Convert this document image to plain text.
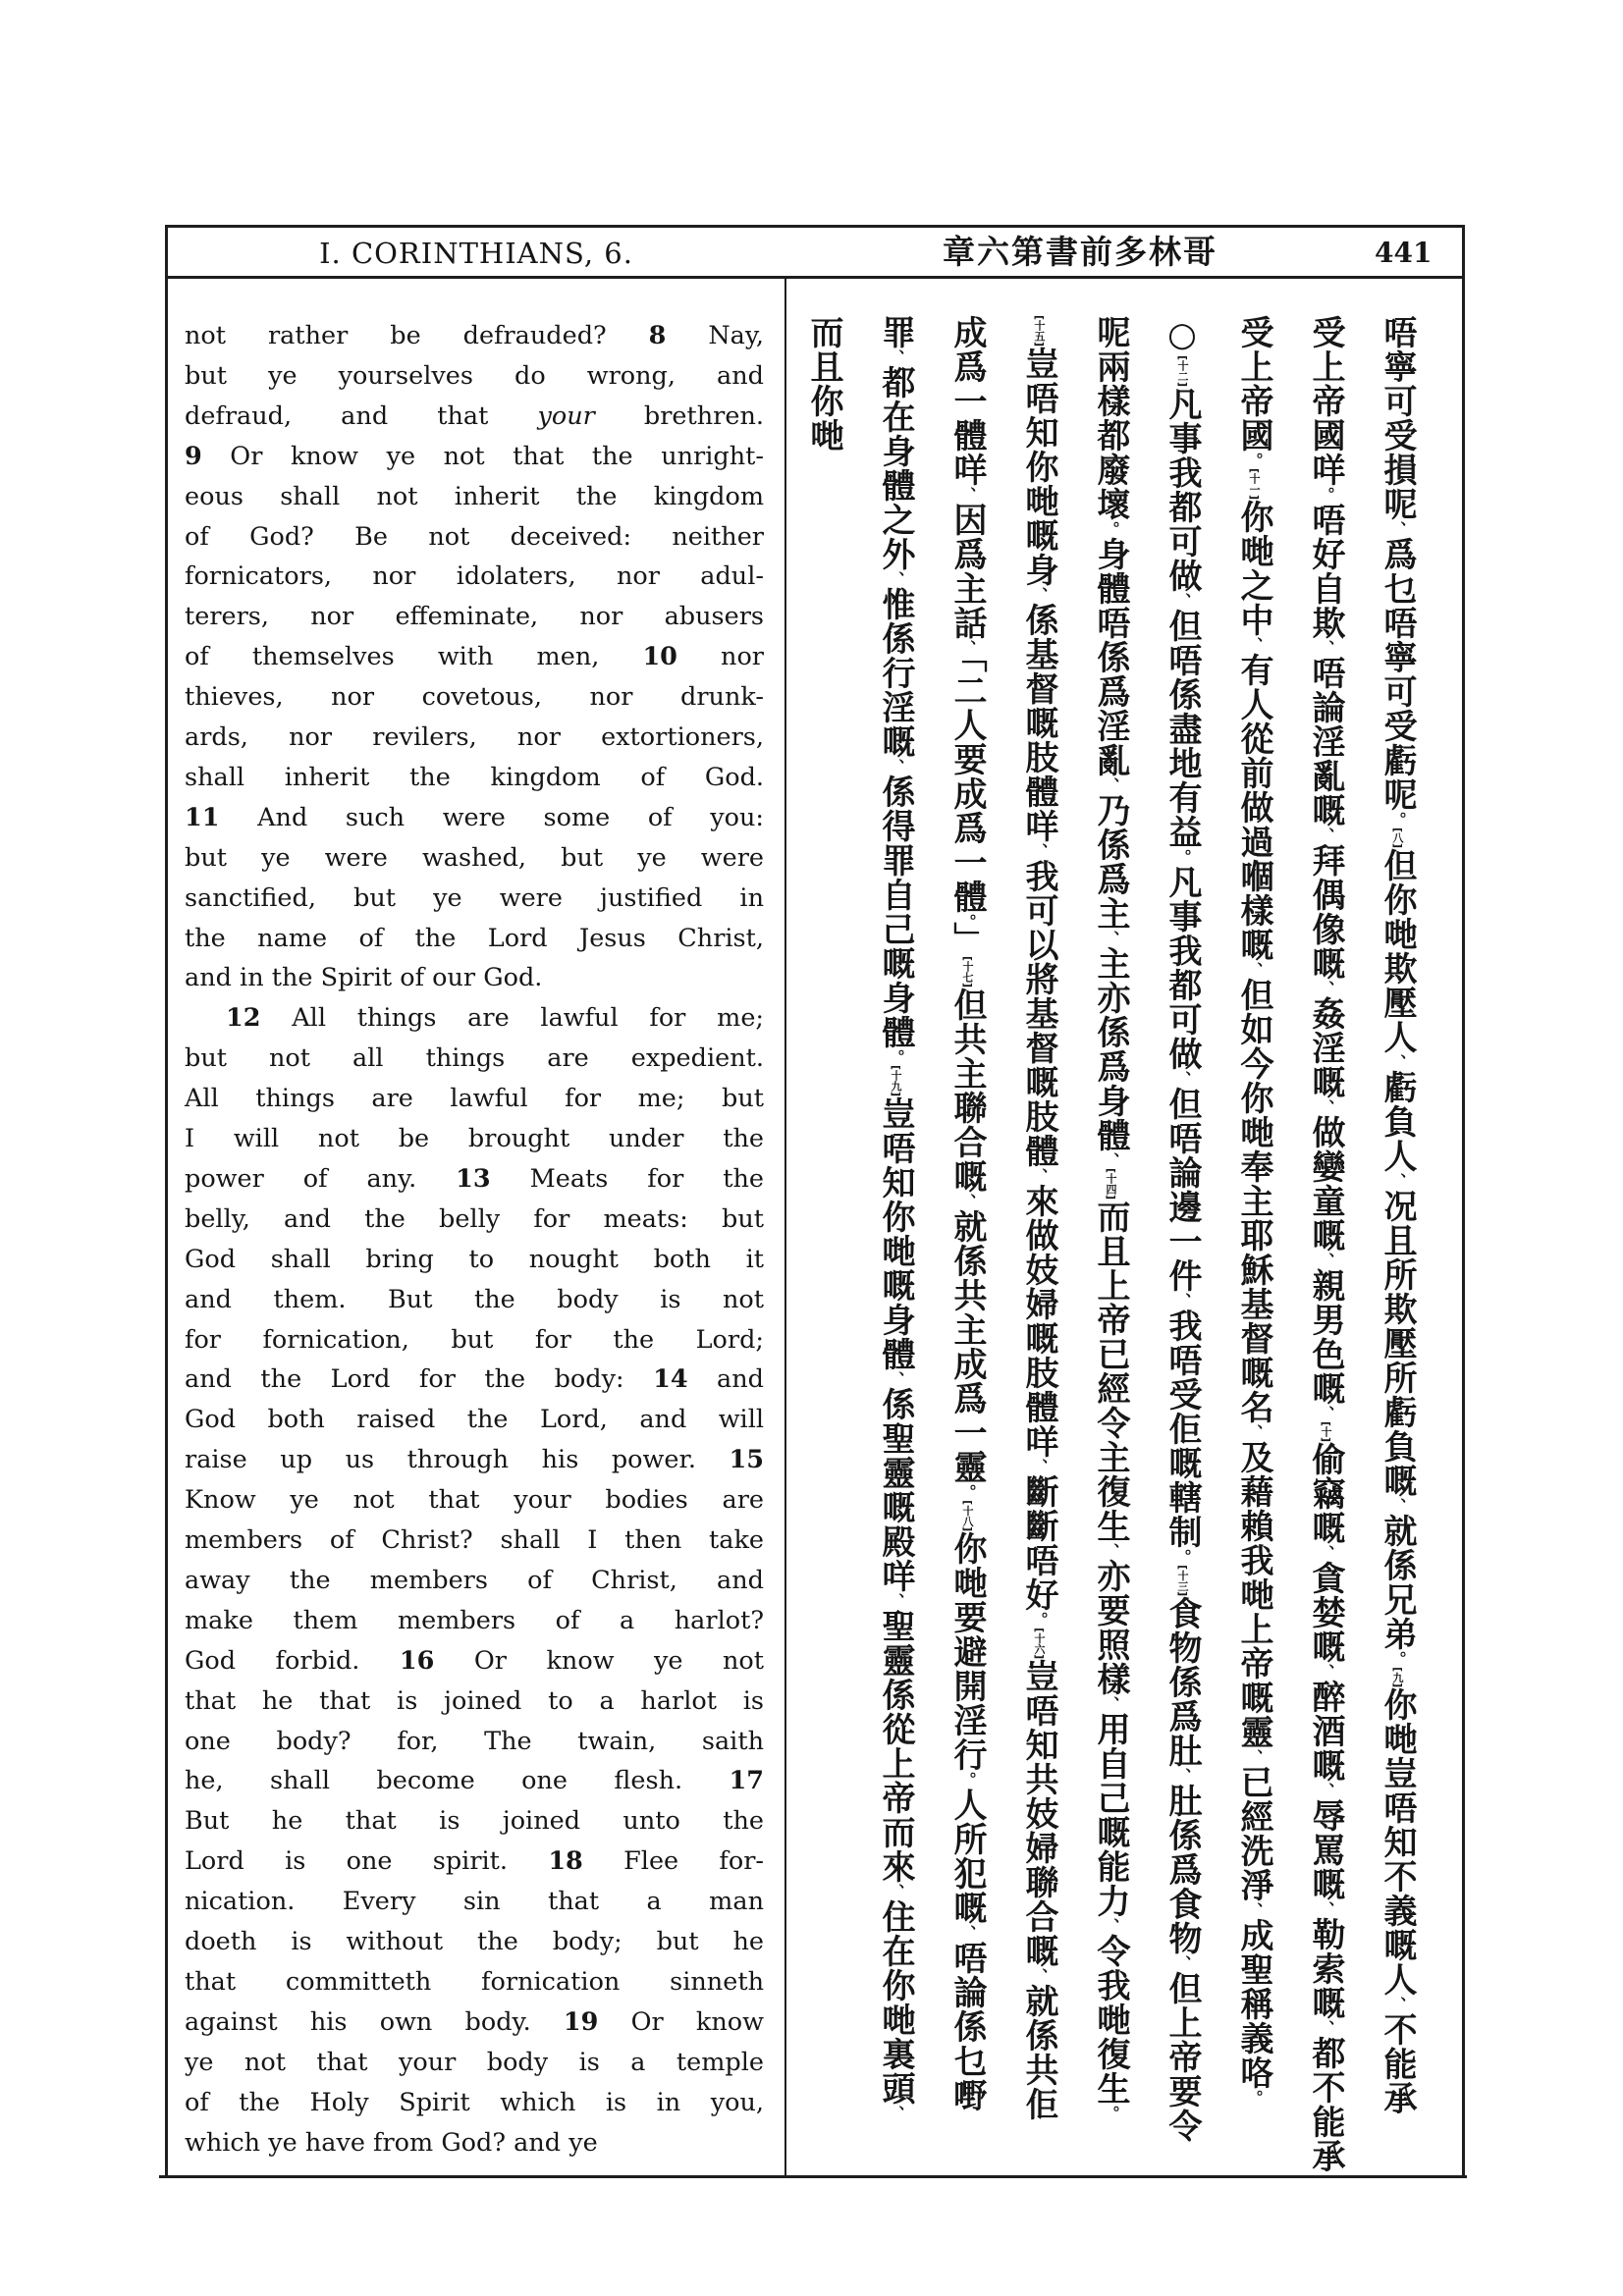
I. CORINTHIANS, 6.	章六第書前多林哥	441
not rather be defrauded? 8 Nay,
but ye yourselves do wrong, and
defraud, and that your brethren.
9 Or know ye not that the unright-
eous shall not inherit the kingdom
of God? Be not deceived: neither
fornicators, nor idolaters, nor adul-
terers, nor effeminate, nor abusers
of themselves with men, 10 nor
thieves, nor covetous, nor drunk-
ards, nor revilers, nor extortioners,
shall inherit the kingdom of God.
11 And such were some of you:
but ye were washed, but ye were
sanctified, but ye were justified in
the name of the Lord Jesus Christ,
and in the Spirit of our God.
12 All things are lawful for me;
but not all things are expedient.
All things are lawful for me; but
I will not be brought under the
power of any. 13 Meats for the
belly, and the belly for meats: but
God shall bring to nought both it
and them. But the body is not
for fornication, but for the Lord;
and the Lord for the body: 14 and
God both raised the Lord, and will
raise up us through his power. 15
Know ye not that your bodies are
members of Christ? shall I then take
away the members of Christ, and
make them members of a harlot?
God forbid. 16 Or know ye not
that he that is joined to a harlot is
one body? for, The twain, saith
he, shall become one flesh. 17
But he that is joined unto the
Lord is one spirit. 18 Flee for-
nication. Every sin that a man
doeth is without the body; but he
that committeth fornication sinneth
against his own body. 19 Or know
ye not that your body is a temple
of the Holy Spirit which is in you,
which ye have from God? and ye
唔寧可受損呢、爲乜唔寧可受虧呢。[八]但你哋欺壓人、虧負人、况且所欺壓所虧負嘅、就係兄弟。[九]你哋豈唔知不義嘅人、不能承
受上帝國咩。唔好自欺、唔論淫亂嘅、拜偶像嘅、姦淫嘅、做孌童嘅、親男色嘅、[十]偷竊嘅、貪婪嘅、醉酒嘅、辱罵嘅、勒索嘅、都不能承
受上帝國。[十一]你哋之中、有人從前做過嗰樣嘅、但如今你哋奉主耶穌基督嘅名、及藉賴我哋上帝嘅靈、已經洗淨、成聖稱義咯。
○[十二]凡事我都可做、但唔係盡地有益。凡事我都可做、但唔論邊一件、我唔受佢嘅轄制。[十三]食物係爲肚、肚係爲食物、但上帝要令
呢兩樣都廢壞。身體唔係爲淫亂、乃係爲主、主亦係爲身體、[十四]而且上帝已經令主復生、亦要照樣、用自己嘅能力、令我哋復生。
[十五]豈唔知你哋嘅身、係基督嘅肢體咩、我可以將基督嘅肢體、來做妓婦嘅肢體咩、斷斷唔好。[十六]豈唔知共妓婦聯合嘅、就係共佢
成爲一體咩、因爲主話、「二人要成爲一體。」[十七]但共主聯合嘅、就係共主成爲一靈。[十八]你哋要避開淫行。人所犯嘅、唔論係乜嘢
罪、都在身體之外、惟係行淫嘅、係得罪自己嘅身體。[十九]豈唔知你哋嘅身體、係聖靈嘅殿咩、聖靈係從上帝而來、住在你哋裏頭、
而且你哋
